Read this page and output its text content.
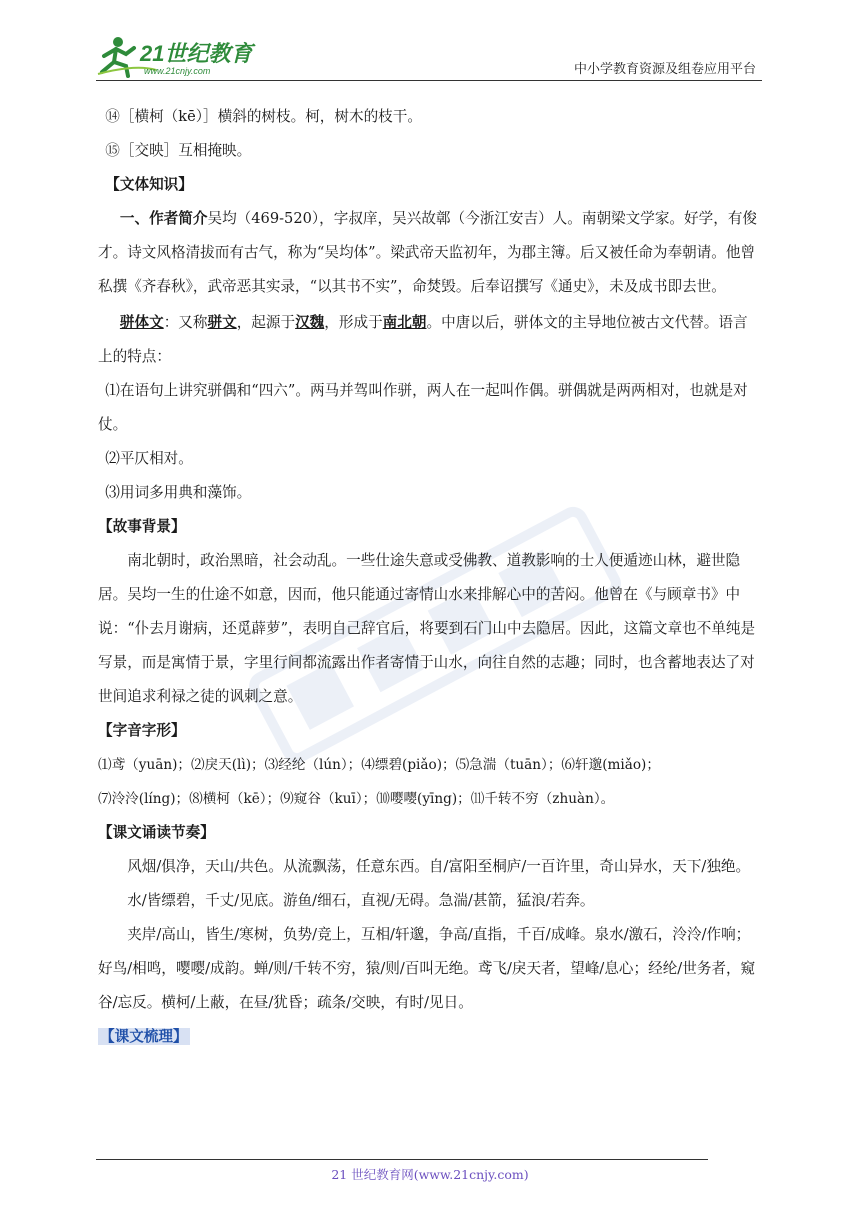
21世纪教育
www.21cnjy.com	中小学教育资源及组卷应用平台

⑭［横柯（kē）］横斜的树枝。柯，树木的枝干。

⑮［交映］互相掩映。

【文体知识】

一、作者简介吴均（469-520），字叔庠，吴兴故鄣（今浙江安吉）人。南朝梁文学家。好学，有俊才。诗文风格清拔而有古气，称为“吴均体”。梁武帝天监初年，为郡主簿。后又被任命为奉朝请。他曾私撰《齐春秋》，武帝恶其实录，“以其书不实”，命焚毁。后奉诏撰写《通史》，未及成书即去世。

骈体文：又称骈文，起源于汉魏，形成于南北朝。中唐以后，骈体文的主导地位被古文代替。语言上的特点：

⑴在语句上讲究骈偶和“四六”。两马并驾叫作骈，两人在一起叫作偶。骈偶就是两两相对，也就是对仗。

⑵平仄相对。

⑶用词多用典和藻饰。

【故事背景】

南北朝时，政治黑暗，社会动乱。一些仕途失意或受佛教、道教影响的士人便遁迹山林，避世隐居。吴均一生的仕途不如意，因而，他只能通过寄情山水来排解心中的苦闷。他曾在《与顾章书》中说：“仆去月谢病，还觅薜萝”，表明自己辞官后，将要到石门山中去隐居。因此，这篇文章也不单纯是写景，而是寓情于景，字里行间都流露出作者寄情于山水，向往自然的志趣；同时，也含蓄地表达了对世间追求利禄之徒的讽刺之意。

【字音字形】

⑴鸢（yuān)；⑵戾天(lì)；⑶经纶（lún）；⑷缥碧(piǎo)；⑸急湍（tuān）；⑹轩邈(miǎo)；

⑺泠泠(líng)；⑻横柯（kē）；⑼窥谷（kuī）；⑽嘤嘤(yīng)；⑾千转不穷（zhuàn）。

【课文诵读节奏】

风烟/俱净，天山/共色。从流飘荡，任意东西。自/富阳至桐庐/一百许里，奇山异水，天下/独绝。

水/皆缥碧，千丈/见底。游鱼/细石，直视/无碍。急湍/甚箭，猛浪/若奔。

夹岸/高山，皆生/寒树，负势/竞上，互相/轩邈，争高/直指，千百/成峰。泉水/激石，泠泠/作响；好鸟/相鸣，嘤嘤/成韵。蝉/则/千转不穷，猿/则/百叫无绝。鸢飞/戾天者，望峰/息心；经纶/世务者，窥谷/忘反。横柯/上蔽，在昼/犹昏；疏条/交映，有时/见日。

【课文梳理】

21 世纪教育网(www.21cnjy.com)
